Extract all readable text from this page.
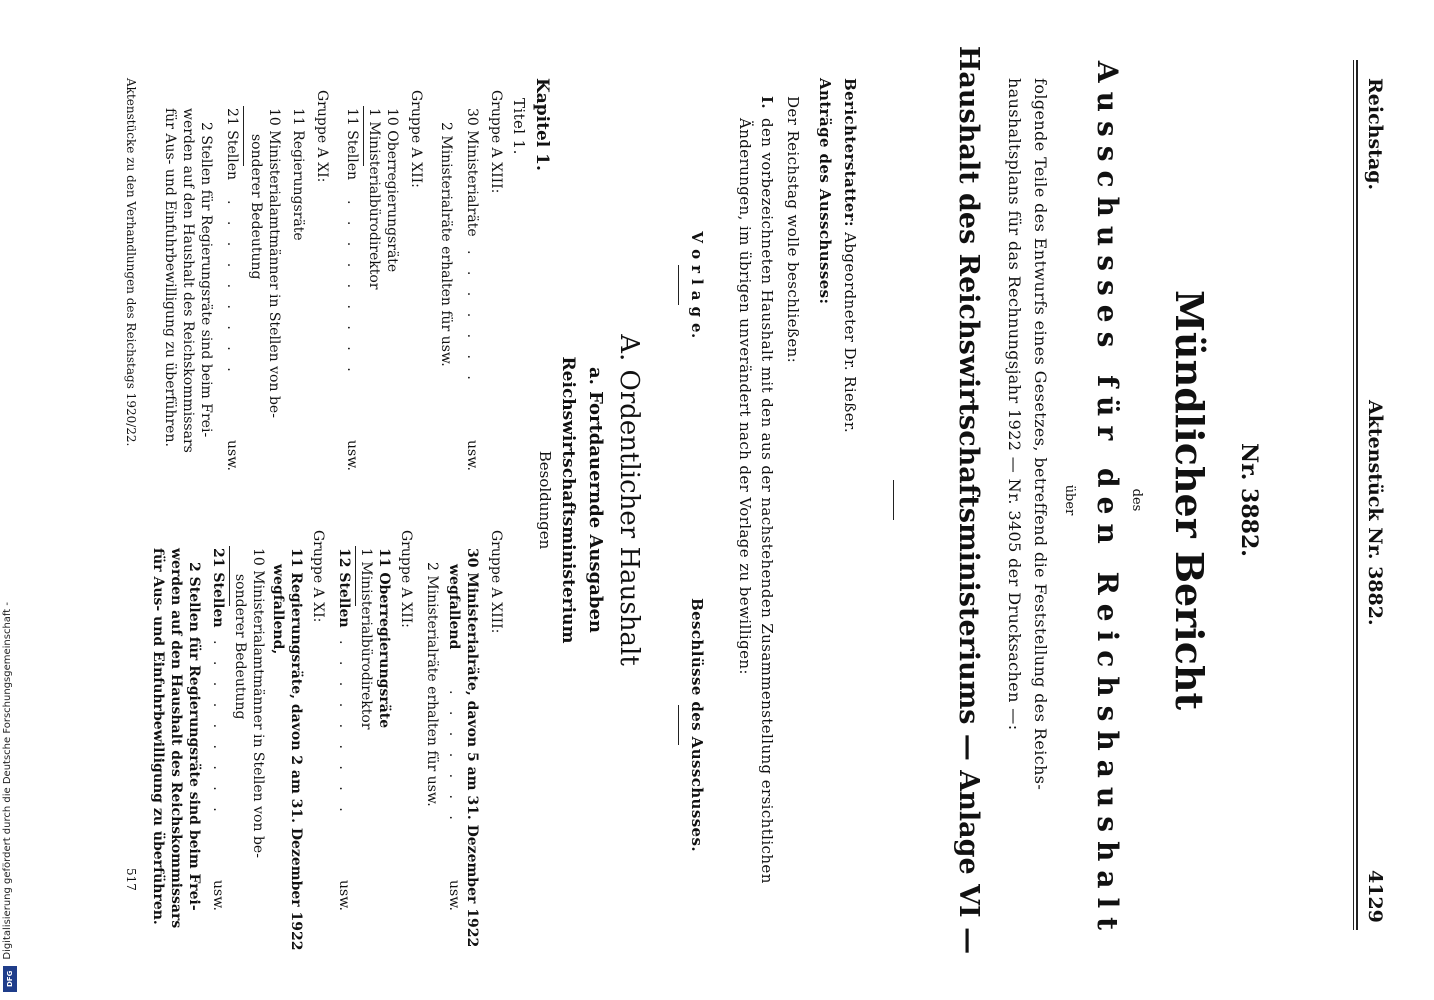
Reichstag.
Aktenstück Nr. 3882.
4129
Nr. 3882.
Mündlicher Bericht
des
Ausschusses für den Reichshaushalt
über
folgende Teile des Entwurfs eines Gesetzes, betreffend die Feststellung des Reichs-
haushaltsplans für das Rechnungsjahr 1922 — Nr. 3405 der Drucksachen —:
Haushalt des Reichswirtschaftsministeriums — Anlage VI —
Berichterstatter: Abgeordneter Dr. Rießer.
Anträge des Ausschusses:
Der Reichstag wolle beschließen:
I.
den vorbezeichneten Haushalt mit den aus der nachstehenden Zusammenstellung ersichtlichen
Änderungen, im übrigen unverändert nach der Vorlage zu bewilligen:
V o r l a g e.
Beschlüsse des Ausschusses.
A. Ordentlicher Haushalt
a. Fortdauernde Ausgaben
Reichswirtschaftsministerium
Besoldungen
Kapitel 1.
Titel 1.
Gruppe A XIII:
30 Ministerialräte
. . . . . . .
usw.
2 Ministerialräte erhalten für usw.
Gruppe A XII:
10 Oberregierungsräte
1 Ministerialbürodirektor
11 Stellen
. . . . . . . . .
usw.
Gruppe A XI:
11 Regierungsräte
10 Ministerialamtmänner in Stellen von be-
sonderer Bedeutung
21 Stellen
. . . . . . . . .
usw.
2 Stellen für Regierungsräte sind beim Frei-
werden auf den Haushalt des Reichskommissars
für Aus- und Einfuhrbewilligung zu überführen.
Gruppe A XIII:
30 Ministerialräte, davon 5 am 31. Dezember 1922
wegfallend
. . . . . . .
usw.
2 Ministerialräte erhalten für usw.
Gruppe A XII:
11 Oberregierungsräte
1 Ministerialbürodirektor
12 Stellen
. . . . . . . . .
usw.
Gruppe A XI:
11 Regierungsräte, davon 2 am 31. Dezember 1922
wegfallend,
10 Ministerialamtmänner in Stellen von be-
sonderer Bedeutung
21 Stellen
. . . . . . . . .
usw.
2 Stellen für Regierungsräte sind beim Frei-
werden auf den Haushalt des Reichskommissars
für Aus- und Einfuhrbewilligung zu überführen.
Aktenstücke zu den Verhandlungen des Reichstags 1920/22.
517
Digitalisierung gefördert durch die Deutsche Forschungsgemeinschaft -
DFG
